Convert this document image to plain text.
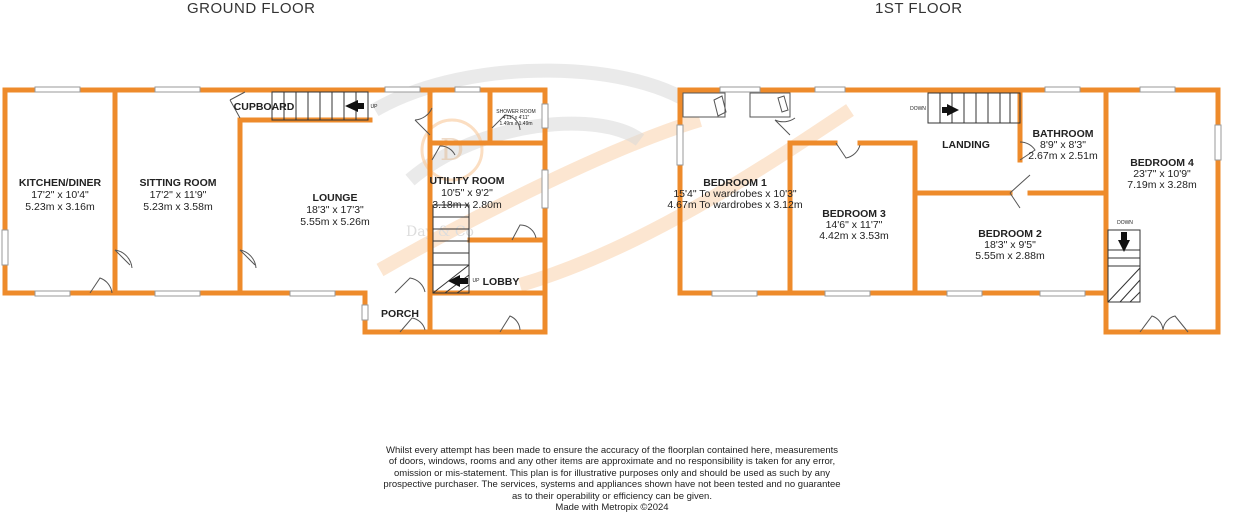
GROUND FLOOR	1ST FLOOR
D
Day & Co
UP
UP
KITCHEN/DINER
17'2" x 10'4"
5.23m x 3.16m
SITTING ROOM
17'2" x 11'9"
5.23m x 3.58m
CUPBOARD
LOUNGE
18'3" x 17'3"
5.55m x 5.26m
SHOWER ROOM
4'11" x 4'11"
1.49m x 1.49m
UTILITY ROOM
10'5" x 9'2"
3.18m x 2.80m
LOBBY
PORCH
DOWN
DOWN
BEDROOM 1
15'4" To wardrobes x 10'3"
4.67m To wardrobes x 3.12m
BEDROOM 3
14'6" x 11'7"
4.42m x 3.53m
LANDING
BATHROOM
8'9" x 8'3"
2.67m x 2.51m
BEDROOM 2
18'3" x 9'5"
5.55m x 2.88m
BEDROOM 4
23'7" x 10'9"
7.19m x 3.28m
Whilst every attempt has been made to ensure the accuracy of the floorplan contained here, measurements
of doors, windows, rooms and any other items are approximate and no responsibility is taken for any error,
omission or mis-statement. This plan is for illustrative purposes only and should be used as such by any
prospective purchaser. The services, systems and appliances shown have not been tested and no guarantee
as to their operability or efficiency can be given.
Made with Metropix ©2024
